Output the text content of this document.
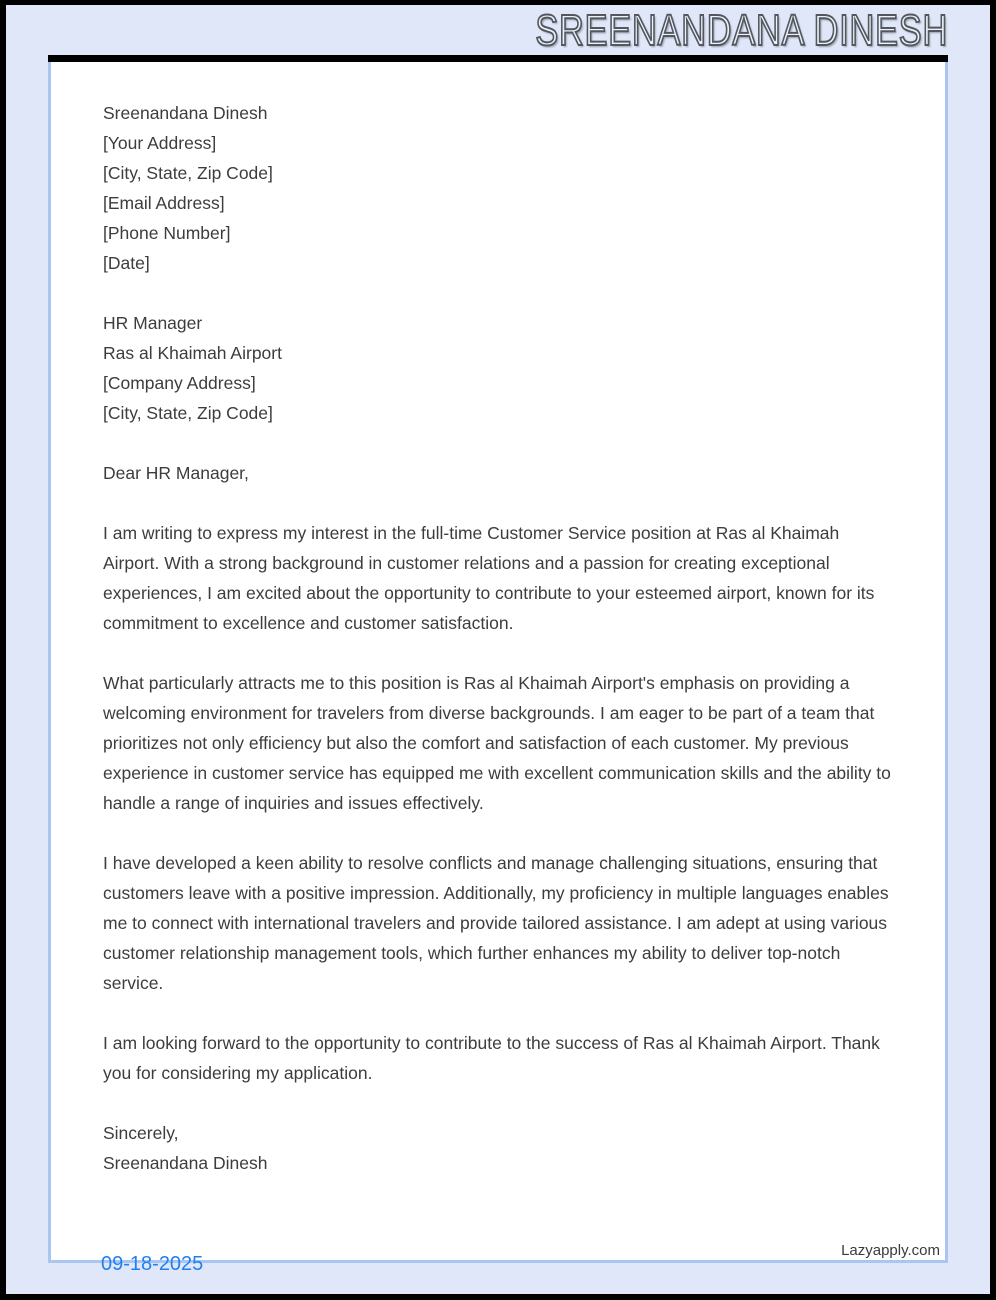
SREENANDANA DINESH
Sreenandana Dinesh
[Your Address]
[City, State, Zip Code]
[Email Address]
[Phone Number]
[Date]
HR Manager
Ras al Khaimah Airport
[Company Address]
[City, State, Zip Code]

Dear HR Manager,

I am writing to express my interest in the full-time Customer Service position at Ras al Khaimah Airport. With a strong background in customer relations and a passion for creating exceptional experiences, I am excited about the opportunity to contribute to your esteemed airport, known for its commitment to excellence and customer satisfaction.

What particularly attracts me to this position is Ras al Khaimah Airport's emphasis on providing a welcoming environment for travelers from diverse backgrounds. I am eager to be part of a team that prioritizes not only efficiency but also the comfort and satisfaction of each customer. My previous experience in customer service has equipped me with excellent communication skills and the ability to handle a range of inquiries and issues effectively.

I have developed a keen ability to resolve conflicts and manage challenging situations, ensuring that customers leave with a positive impression. Additionally, my proficiency in multiple languages enables me to connect with international travelers and provide tailored assistance. I am adept at using various customer relationship management tools, which further enhances my ability to deliver top-notch service.

I am looking forward to the opportunity to contribute to the success of Ras al Khaimah Airport. Thank you for considering my application.

Sincerely,
Sreenandana Dinesh
09-18-2025
Lazyapply.com
